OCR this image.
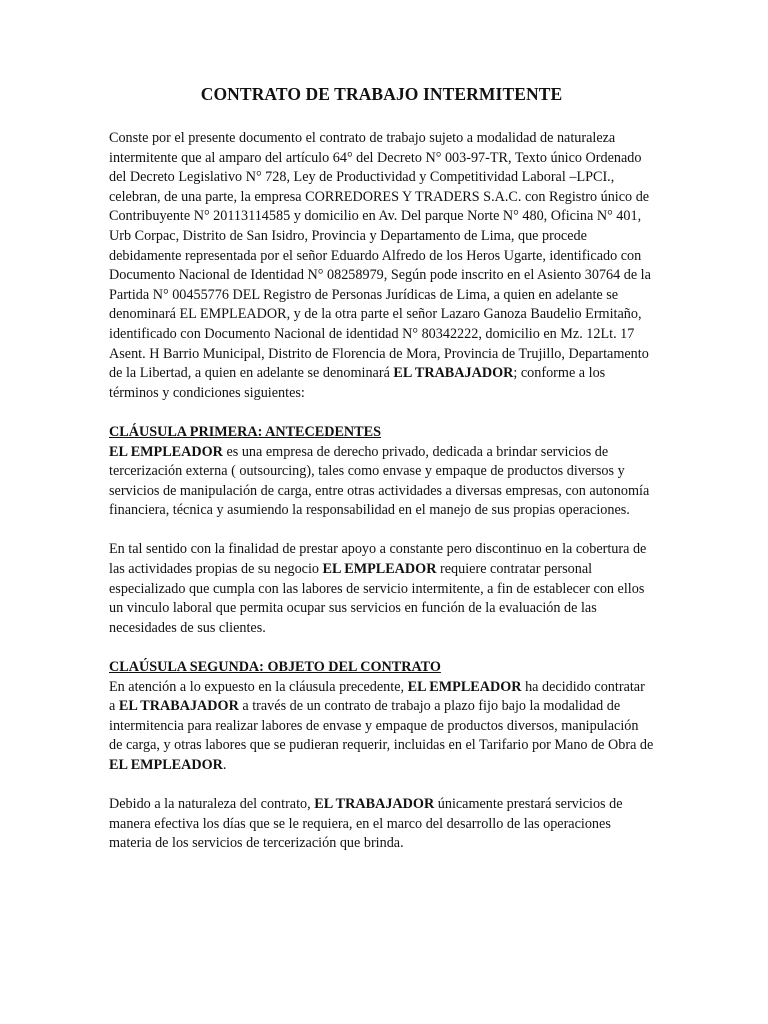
CONTRATO DE TRABAJO INTERMITENTE

Conste por el presente documento el contrato de trabajo sujeto a modalidad de naturaleza intermitente que al amparo del artículo 64° del Decreto N° 003-97-TR, Texto único Ordenado del Decreto Legislativo N° 728, Ley de Productividad y Competitividad Laboral –LPCI., celebran, de una parte, la empresa CORREDORES Y TRADERS S.A.C. con Registro único de Contribuyente N° 20113114585 y domicilio en Av. Del parque Norte N° 480, Oficina N° 401, Urb Corpac, Distrito de San Isidro, Provincia y Departamento de Lima, que procede debidamente representada por el señor Eduardo Alfredo de los Heros Ugarte, identificado con Documento Nacional de Identidad N° 08258979, Según pode inscrito en el Asiento 30764 de la Partida N° 00455776 DEL Registro de Personas Jurídicas de Lima, a quien en adelante se denominará EL EMPLEADOR, y de la otra parte el señor Lazaro Ganoza Baudelio Ermitaño, identificado con Documento Nacional de identidad N° 80342222, domicilio en Mz. 12Lt. 17 Asent. H Barrio Municipal, Distrito de Florencia de Mora, Provincia de Trujillo, Departamento de la Libertad, a quien en adelante se denominará EL TRABAJADOR; conforme a los términos y condiciones siguientes:

CLÁUSULA PRIMERA: ANTECEDENTES

EL EMPLEADOR es una empresa de derecho privado, dedicada a brindar servicios de tercerización externa ( outsourcing), tales como envase y empaque de productos diversos y servicios de manipulación de carga, entre otras actividades a diversas empresas, con autonomía financiera, técnica y asumiendo la responsabilidad en el manejo de sus propias operaciones.

En tal sentido con la finalidad de prestar apoyo a constante pero discontinuo en la cobertura de las actividades propias de su negocio EL EMPLEADOR requiere contratar personal especializado que cumpla con las labores de servicio intermitente, a fin de establecer con ellos un vinculo laboral que permita ocupar sus servicios en función de la evaluación de las necesidades de sus clientes.

CLAÚSULA SEGUNDA: OBJETO DEL CONTRATO

En atención a lo expuesto en la cláusula precedente, EL EMPLEADOR ha decidido contratar a EL TRABAJADOR a través de un contrato de trabajo a plazo fijo bajo la modalidad de intermitencia para realizar labores de envase y empaque de productos diversos, manipulación de carga, y otras labores que se pudieran requerir, incluidas en el Tarifario por Mano de Obra de EL EMPLEADOR.

Debido a la naturaleza del contrato, EL TRABAJADOR únicamente prestará servicios de manera efectiva los días que se le requiera, en el marco del desarrollo de las operaciones materia de los servicios de tercerización que brinda.
